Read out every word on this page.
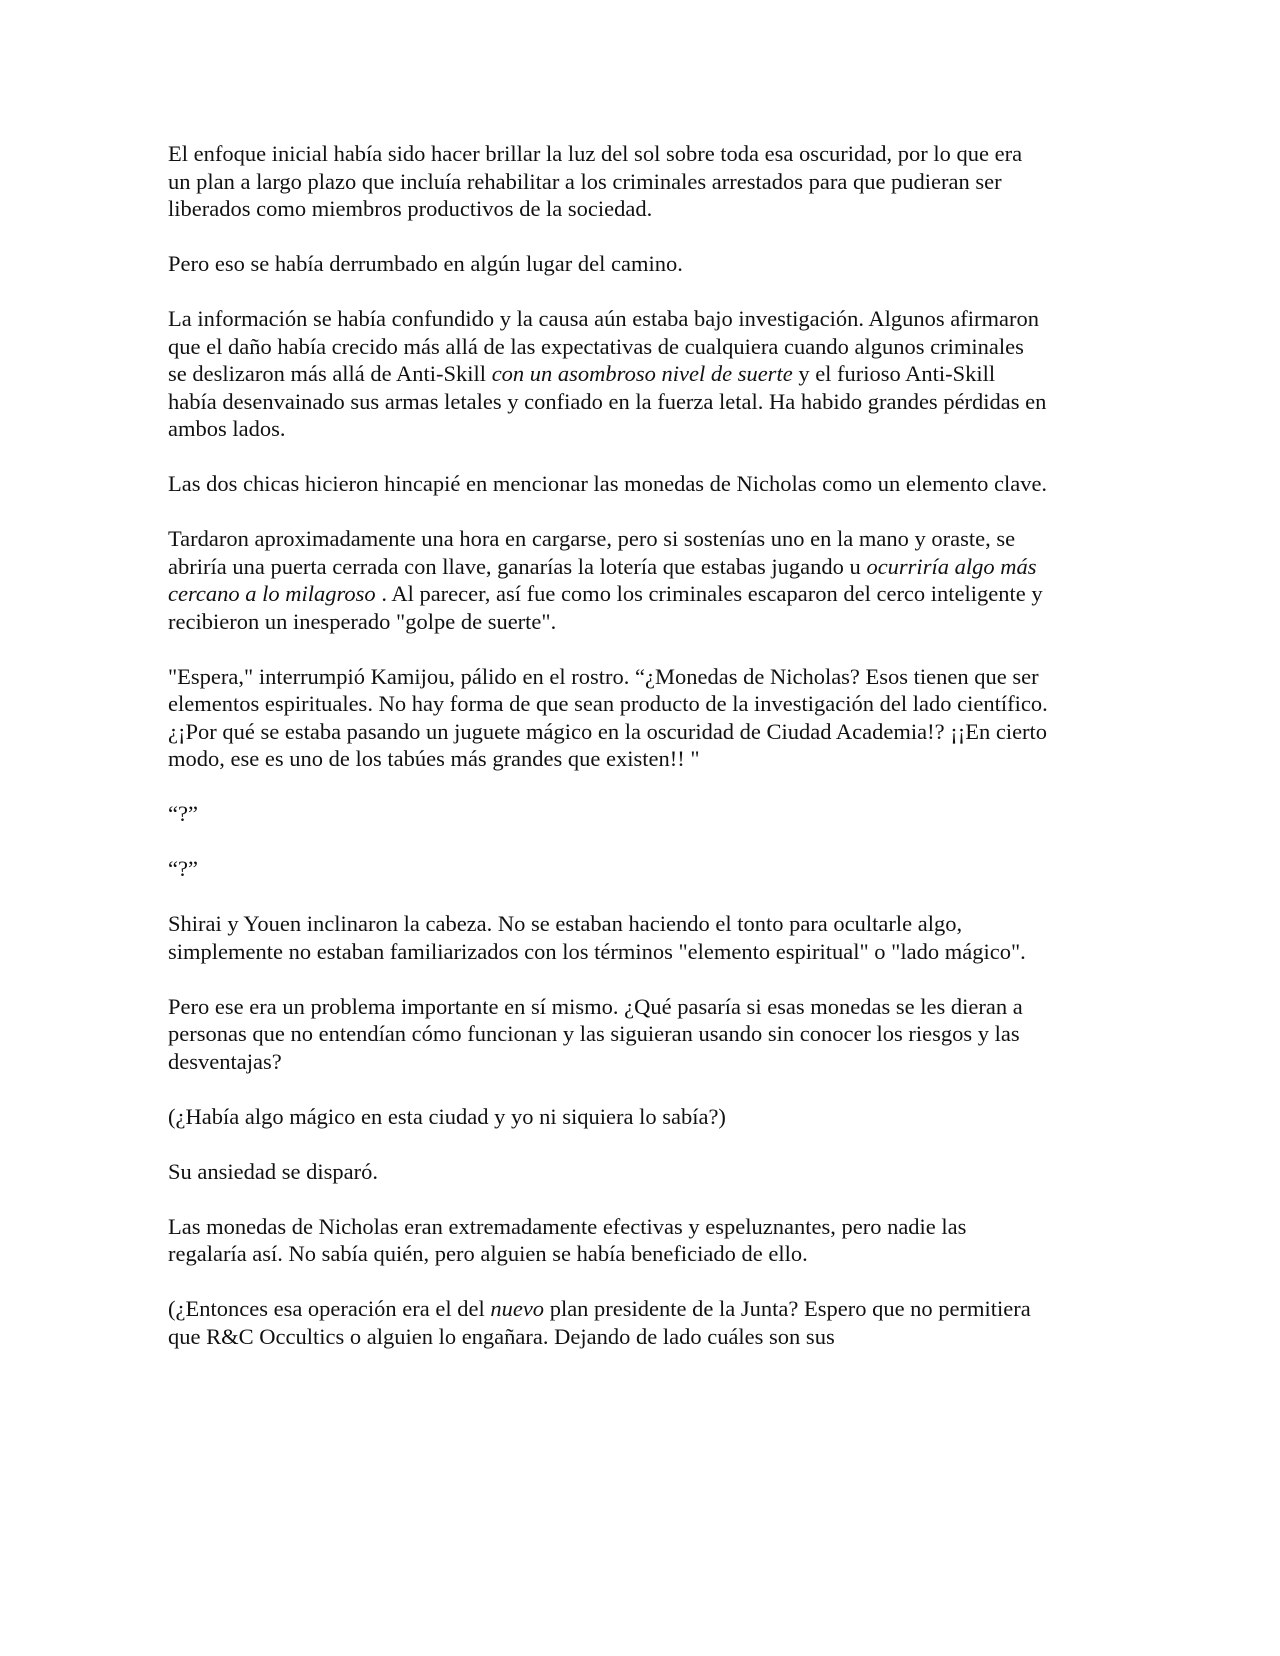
El enfoque inicial había sido hacer brillar la luz del sol sobre toda esa oscuridad, por lo que era un plan a largo plazo que incluía rehabilitar a los criminales arrestados para que pudieran ser liberados como miembros productivos de la sociedad.

Pero eso se había derrumbado en algún lugar del camino.

La información se había confundido y la causa aún estaba bajo investigación. Algunos afirmaron que el daño había crecido más allá de las expectativas de cualquiera cuando algunos criminales se deslizaron más allá de Anti-Skill con un asombroso nivel de suerte y el furioso Anti-Skill había desenvainado sus armas letales y confiado en la fuerza letal. Ha habido grandes pérdidas en ambos lados.

Las dos chicas hicieron hincapié en mencionar las monedas de Nicholas como un elemento clave.

Tardaron aproximadamente una hora en cargarse, pero si sostenías uno en la mano y oraste, se abriría una puerta cerrada con llave, ganarías la lotería que estabas jugando u ocurriría algo más cercano a lo milagroso . Al parecer, así fue como los criminales escaparon del cerco inteligente y recibieron un inesperado "golpe de suerte".

"Espera," interrumpió Kamijou, pálido en el rostro. “¿Monedas de Nicholas? Esos tienen que ser elementos espirituales. No hay forma de que sean producto de la investigación del lado científico. ¿¡Por qué se estaba pasando un juguete mágico en la oscuridad de Ciudad Academia!? ¡¡En cierto modo, ese es uno de los tabúes más grandes que existen!! "

“?”

“?”

Shirai y Youen inclinaron la cabeza. No se estaban haciendo el tonto para ocultarle algo, simplemente no estaban familiarizados con los términos "elemento espiritual" o "lado mágico".

Pero ese era un problema importante en sí mismo. ¿Qué pasaría si esas monedas se les dieran a personas que no entendían cómo funcionan y las siguieran usando sin conocer los riesgos y las desventajas?

(¿Había algo mágico en esta ciudad y yo ni siquiera lo sabía?)

Su ansiedad se disparó.

Las monedas de Nicholas eran extremadamente efectivas y espeluznantes, pero nadie las regalaría así. No sabía quién, pero alguien se había beneficiado de ello.

(¿Entonces esa operación era el del nuevo plan presidente de la Junta? Espero que no permitiera que R&C Occultics o alguien lo engañara. Dejando de lado cuáles son sus
